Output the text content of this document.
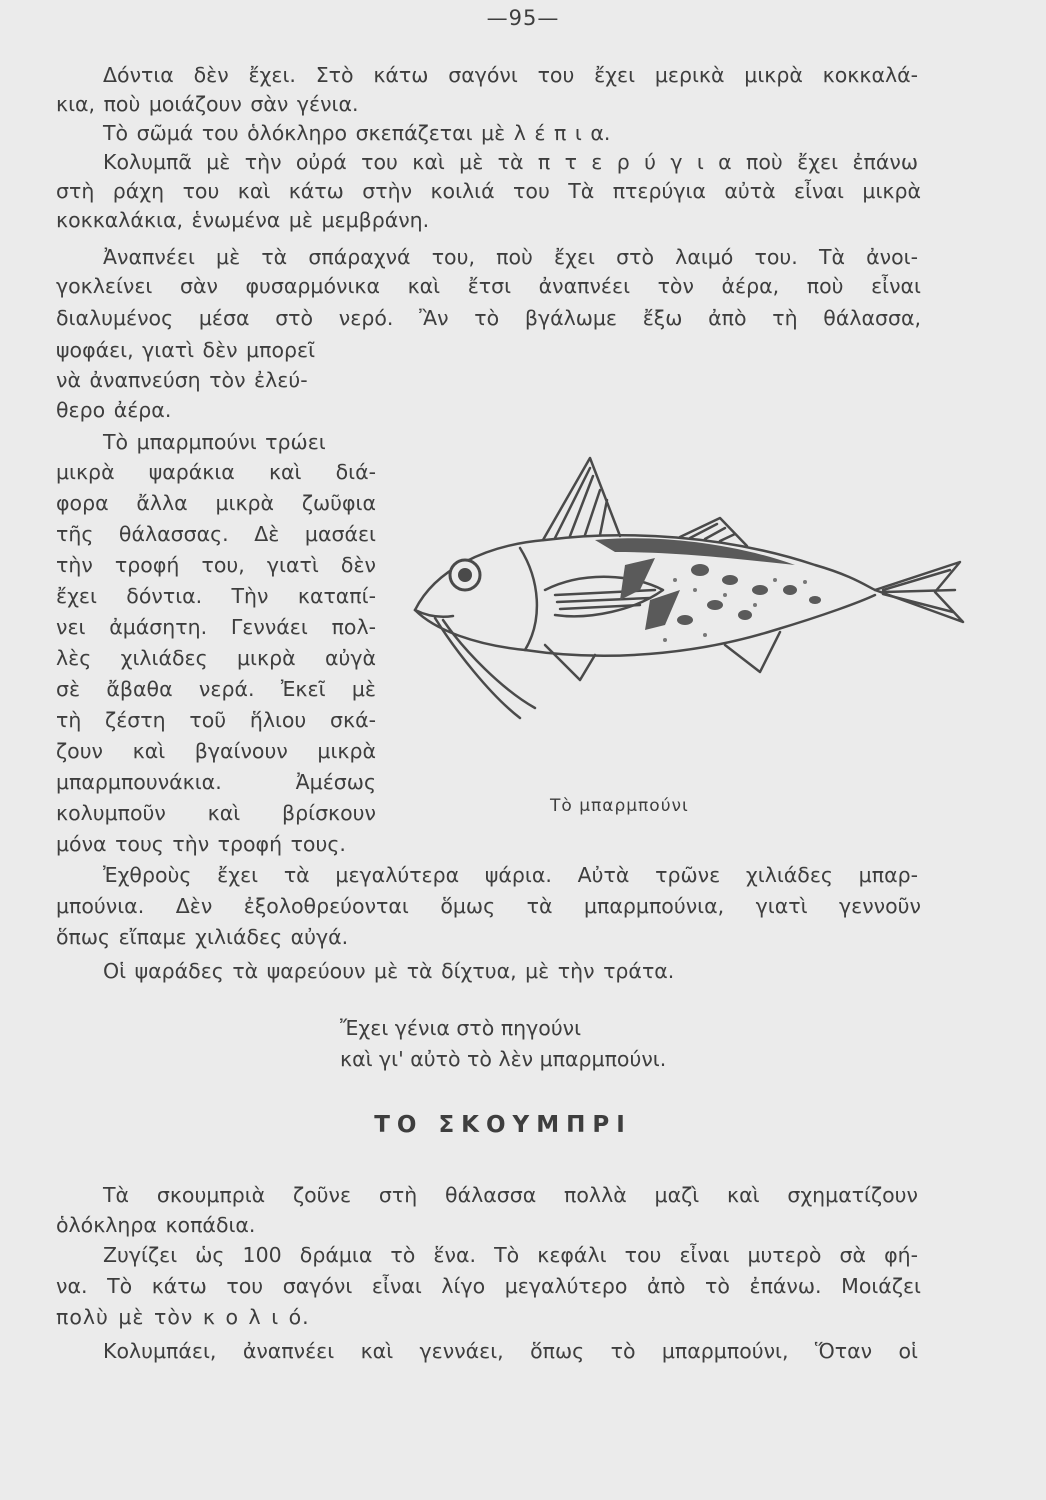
—95—
Δόντια δὲν ἔχει. Στὸ κάτω σαγόνι του ἔχει μερικὰ μικρὰ κοκκαλά-
κια, ποὺ μοιάζουν σὰν γένια.
Τὸ σῶμά του ὁλόκληρο σκεπάζεται μὲ λ έ π ι α.
Κολυμπᾶ μὲ τὴν οὐρά του καὶ μὲ τὰ π τ ε ρ ύ γ ι α ποὺ ἔχει ἐπάνω
στὴ ράχη του καὶ κάτω στὴν κοιλιά του Τὰ πτερύγια αὐτὰ εἶναι μικρὰ
κοκκαλάκια, ἑνωμένα μὲ μεμβράνη.
Ἀναπνέει μὲ τὰ σπάραχνά του, ποὺ ἔχει στὸ λαιμό του. Τὰ ἀνοι-
γοκλείνει σὰν φυσαρμόνικα καὶ ἔτσι ἀναπνέει τὸν ἀέρα, ποὺ εἶναι
διαλυμένος μέσα στὸ νερό. Ἂν τὸ βγάλωμε ἔξω ἀπὸ τὴ θάλασσα,
ψοφάει, γιατὶ δὲν μπορεῖ
νὰ ἀναπνεύση τὸν ἐλεύ-
θερο ἀέρα.
Τὸ μπαρμπούνι τρώει
μικρὰ ψαράκια καὶ διά-
φορα ἄλλα μικρὰ ζωῦφια
τῆς θάλασσας. Δὲ μασάει
τὴν τροφή του, γιατὶ δὲν
ἔχει δόντια. Τὴν καταπί-
νει ἀμάσητη. Γεννάει πολ-
λὲς χιλιάδες μικρὰ αὐγὰ
σὲ ἄβαθα νερά. Ἐκεῖ μὲ
τὴ ζέστη τοῦ ἥλιου σκά-
ζουν καὶ βγαίνουν μικρὰ
μπαρμπουνάκια. Ἀμέσως
κολυμποῦν καὶ βρίσκουν
μόνα τους τὴν τροφή τους.
Τὸ μπαρμπούνι
Ἐχθροὺς ἔχει τὰ μεγαλύτερα ψάρια. Αὐτὰ τρῶνε χιλιάδες μπαρ-
μπούνια. Δὲν ἐξολοθρεύονται ὅμως τὰ μπαρμπούνια, γιατὶ γεννοῦν
ὅπως εἴπαμε χιλιάδες αὐγά.
Οἱ ψαράδες τὰ ψαρεύουν μὲ τὰ δίχτυα, μὲ τὴν τράτα.
Ἔχει γένια στὸ πηγούνι
καὶ γι' αὐτὸ τὸ λὲν μπαρμπούνι.
ΤΟ ΣΚΟΥΜΠΡΙ
Τὰ σκουμπριὰ ζοῦνε στὴ θάλασσα πολλὰ μαζὶ καὶ σχηματίζουν
ὁλόκληρα κοπάδια.
Ζυγίζει ὡς 100 δράμια τὸ ἕνα. Τὸ κεφάλι του εἶναι μυτερὸ σὰ φή-
να. Τὸ κάτω του σαγόνι εἶναι λίγο μεγαλύτερο ἀπὸ τὸ ἐπάνω. Μοιάζει
πολὺ μὲ τὸν κ ο λ ι ό.
Κολυμπάει, ἀναπνέει καὶ γεννάει, ὅπως τὸ μπαρμπούνι, Ὅταν οἱ
